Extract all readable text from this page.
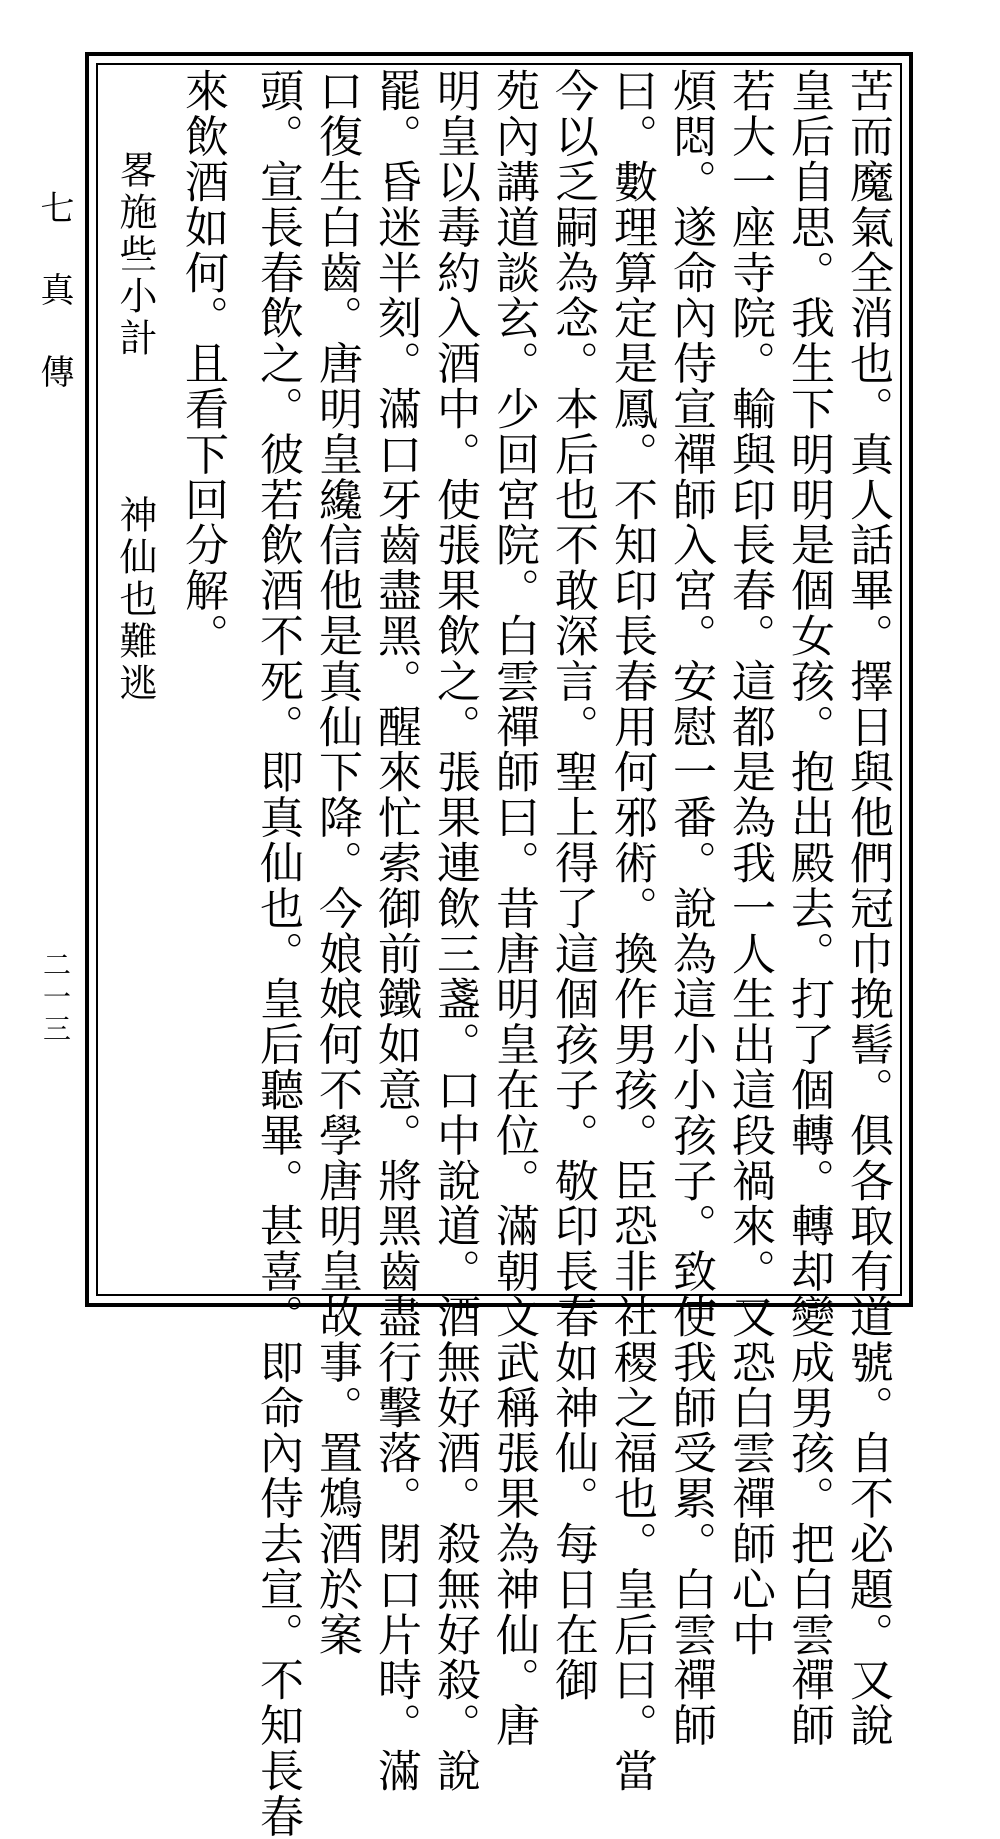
七真傳
二一三	苦而魔氣全消也。真人話畢。擇日與他們冠巾挽髻。俱各取有道號。自不必題。又說
皇后自思。我生下明明是個女孩。抱出殿去。打了個轉。轉却變成男孩。把白雲禪師
若大一座寺院。輸與印長春。這都是為我一人生出這段禍來。又恐白雲禪師心中
煩悶。遂命內侍宣禪師入宮。安慰一番。說為這小小孩子。致使我師受累。白雲禪師
曰。數理算定是鳳。不知印長春用何邪術。換作男孩。臣恐非社稷之福也。皇后曰。當
今以乏嗣為念。本后也不敢深言。聖上得了這個孩子。敬印長春如神仙。每日在御
苑內講道談玄。少回宮院。白雲禪師曰。昔唐明皇在位。滿朝文武稱張果為神仙。唐
明皇以毒約入酒中。使張果飲之。張果連飲三盞。口中說道。酒無好酒。殺無好殺。說
罷。昏迷半刻。滿口牙齒盡黑。醒來忙索御前鐵如意。將黑齒盡行擊落。閉口片時。滿
口復生白齒。唐明皇纔信他是真仙下降。今娘娘何不學唐明皇故事。置鴆酒於案
頭。宣長春飲之。彼若飲酒不死。即真仙也。皇后聽畢。甚喜。即命內侍去宣。不知長春
來飲酒如何。且看下回分解。
畧施些小計
神仙也難逃
